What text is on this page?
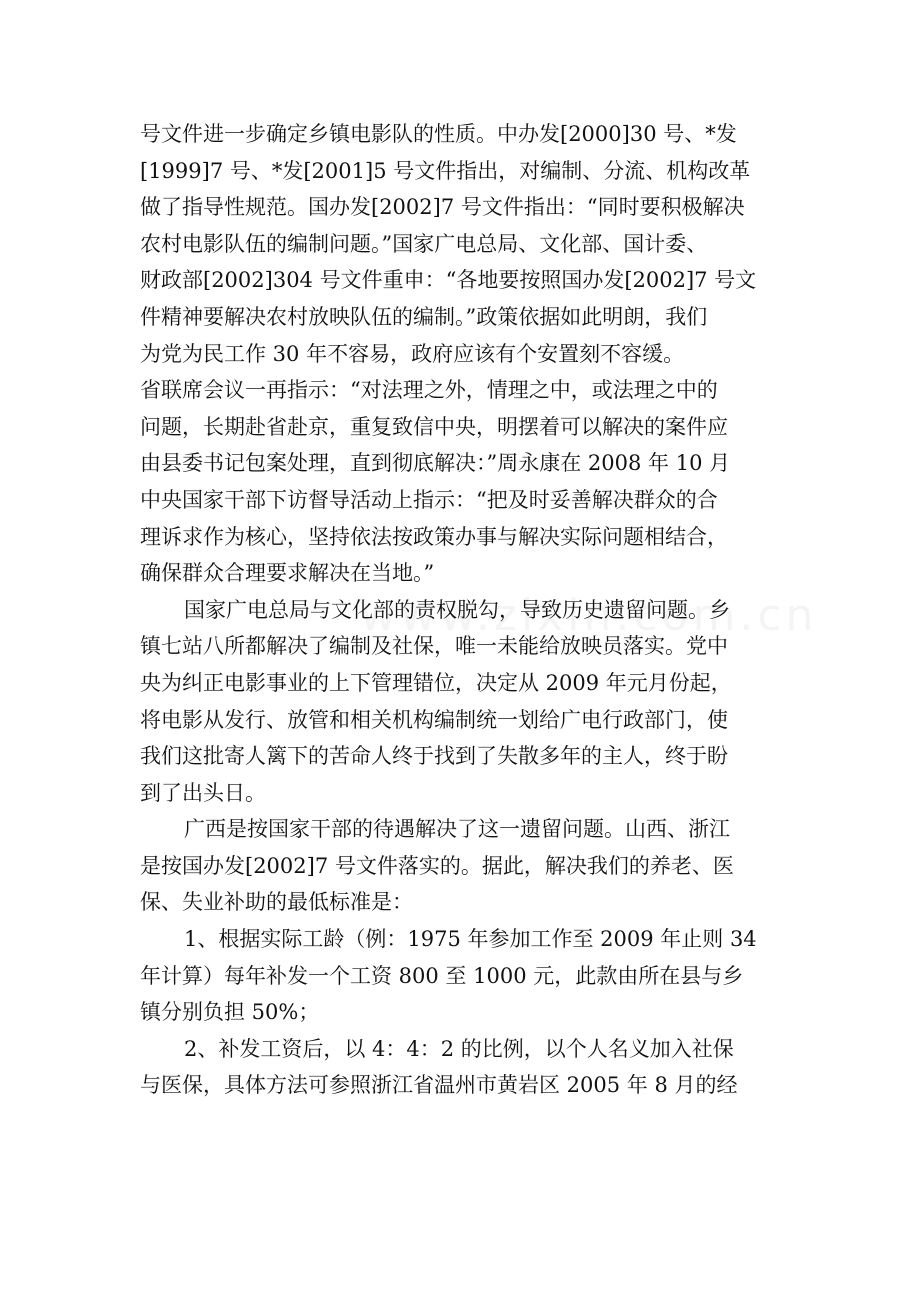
号文件进一步确定乡镇电影队的性质。中办发[2000]30 号、*发
[1999]7 号、*发[2001]5 号文件指出，对编制、分流、机构改革
做了指导性规范。国办发[2002]7 号文件指出：“同时要积极解决
农村电影队伍的编制问题。”国家广电总局、文化部、国计委、
财政部[2002]304 号文件重申：“各地要按照国办发[2002]7 号文
件精神要解决农村放映队伍的编制。”政策依据如此明朗，我们
为党为民工作 30 年不容易，政府应该有个安置刻不容缓。
省联席会议一再指示：“对法理之外，情理之中，或法理之中的
问题，长期赴省赴京，重复致信中央，明摆着可以解决的案件应
由县委书记包案处理，直到彻底解决：”周永康在 2008 年 10 月
中央国家干部下访督导活动上指示：“把及时妥善解决群众的合
理诉求作为核心，坚持依法按政策办事与解决实际问题相结合，
确保群众合理要求解决在当地。”
国家广电总局与文化部的责权脱勾，导致历史遗留问题。乡
镇七站八所都解决了编制及社保，唯一未能给放映员落实。党中
央为纠正电影事业的上下管理错位，决定从 2009 年元月份起，
将电影从发行、放管和相关机构编制统一划给广电行政部门，使
我们这批寄人篱下的苦命人终于找到了失散多年的主人，终于盼
到了出头日。
广西是按国家干部的待遇解决了这一遗留问题。山西、浙江
是按国办发[2002]7 号文件落实的。据此，解决我们的养老、医
保、失业补助的最低标准是：
1、根据实际工龄（例：1975 年参加工作至 2009 年止则 34
年计算）每年补发一个工资 800 至 1000 元，此款由所在县与乡
镇分别负担 50%；
2、补发工资后，以 4：4：2 的比例，以个人名义加入社保
与医保，具体方法可参照浙江省温州市黄岩区 2005 年 8 月的经
